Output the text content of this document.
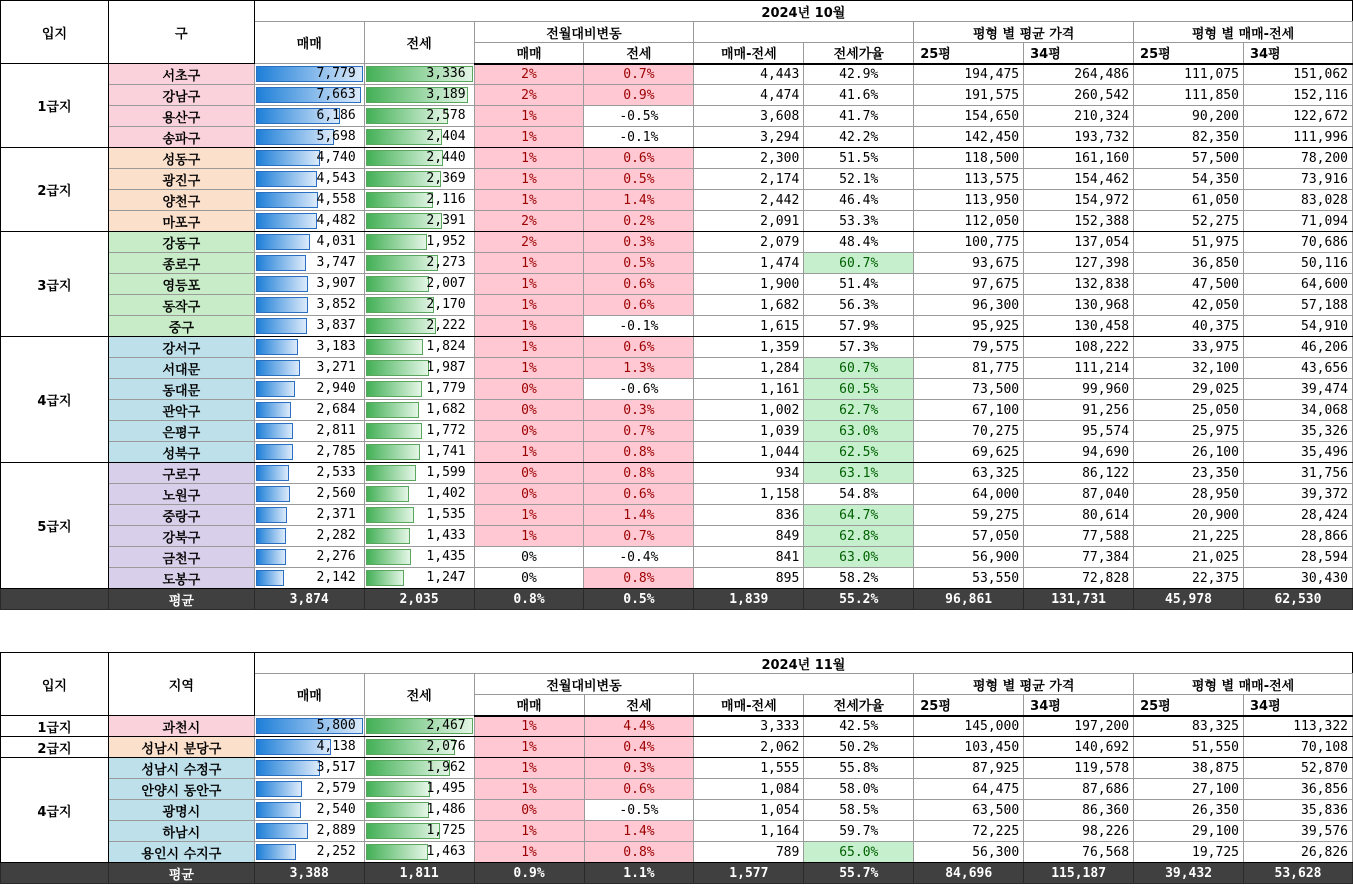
입지	구	2024년 10월									
		매매	전세	전월대비변동				평형 별 평균 가격		평형 별 매매-전세	
				매매	전세	매매-전세	전세가율	25평	34평	25평	34평
1급지	서초구	7,779	3,336	2%	0.7%	4,443	42.9%	194,475	264,486	111,075	151,062
	강남구	7,663	3,189	2%	0.9%	4,474	41.6%	191,575	260,542	111,850	152,116
	용산구	6,186	2,578	1%	-0.5%	3,608	41.7%	154,650	210,324	90,200	122,672
	송파구	5,698	2,404	1%	-0.1%	3,294	42.2%	142,450	193,732	82,350	111,996
2급지	성동구	4,740	2,440	1%	0.6%	2,300	51.5%	118,500	161,160	57,500	78,200
	광진구	4,543	2,369	1%	0.5%	2,174	52.1%	113,575	154,462	54,350	73,916
	양천구	4,558	2,116	1%	1.4%	2,442	46.4%	113,950	154,972	61,050	83,028
	마포구	4,482	2,391	2%	0.2%	2,091	53.3%	112,050	152,388	52,275	71,094
3급지	강동구	4,031	1,952	2%	0.3%	2,079	48.4%	100,775	137,054	51,975	70,686
	종로구	3,747	2,273	1%	0.5%	1,474	60.7%	93,675	127,398	36,850	50,116
	영등포	3,907	2,007	1%	0.6%	1,900	51.4%	97,675	132,838	47,500	64,600
	동작구	3,852	2,170	1%	0.6%	1,682	56.3%	96,300	130,968	42,050	57,188
	중구	3,837	2,222	1%	-0.1%	1,615	57.9%	95,925	130,458	40,375	54,910
4급지	강서구	3,183	1,824	1%	0.6%	1,359	57.3%	79,575	108,222	33,975	46,206
	서대문	3,271	1,987	1%	1.3%	1,284	60.7%	81,775	111,214	32,100	43,656
	동대문	2,940	1,779	0%	-0.6%	1,161	60.5%	73,500	99,960	29,025	39,474
	관악구	2,684	1,682	0%	0.3%	1,002	62.7%	67,100	91,256	25,050	34,068
	은평구	2,811	1,772	0%	0.7%	1,039	63.0%	70,275	95,574	25,975	35,326
	성북구	2,785	1,741	1%	0.8%	1,044	62.5%	69,625	94,690	26,100	35,496
5급지	구로구	2,533	1,599	0%	0.8%	934	63.1%	63,325	86,122	23,350	31,756
	노원구	2,560	1,402	0%	0.6%	1,158	54.8%	64,000	87,040	28,950	39,372
	중랑구	2,371	1,535	1%	1.4%	836	64.7%	59,275	80,614	20,900	28,424
	강북구	2,282	1,433	1%	0.7%	849	62.8%	57,050	77,588	21,225	28,866
	금천구	2,276	1,435	0%	-0.4%	841	63.0%	56,900	77,384	21,025	28,594
	도봉구	2,142	1,247	0%	0.8%	895	58.2%	53,550	72,828	22,375	30,430
	평균	3,874	2,035	0.8%	0.5%	1,839	55.2%	96,861	131,731	45,978	62,530
입지	지역	2024년 11월									
		매매	전세	전월대비변동				평형 별 평균 가격		평형 별 매매-전세	
				매매	전세	매매-전세	전세가율	25평	34평	25평	34평
1급지	과천시	5,800	2,467	1%	4.4%	3,333	42.5%	145,000	197,200	83,325	113,322
2급지	성남시 분당구	4,138	2,076	1%	0.4%	2,062	50.2%	103,450	140,692	51,550	70,108
4급지	성남시 수정구	3,517	1,962	1%	0.3%	1,555	55.8%	87,925	119,578	38,875	52,870
	안양시 동안구	2,579	1,495	1%	0.6%	1,084	58.0%	64,475	87,686	27,100	36,856
	광명시	2,540	1,486	0%	-0.5%	1,054	58.5%	63,500	86,360	26,350	35,836
	하남시	2,889	1,725	1%	1.4%	1,164	59.7%	72,225	98,226	29,100	39,576
	용인시 수지구	2,252	1,463	1%	0.8%	789	65.0%	56,300	76,568	19,725	26,826
	평균	3,388	1,811	0.9%	1.1%	1,577	55.7%	84,696	115,187	39,432	53,628
